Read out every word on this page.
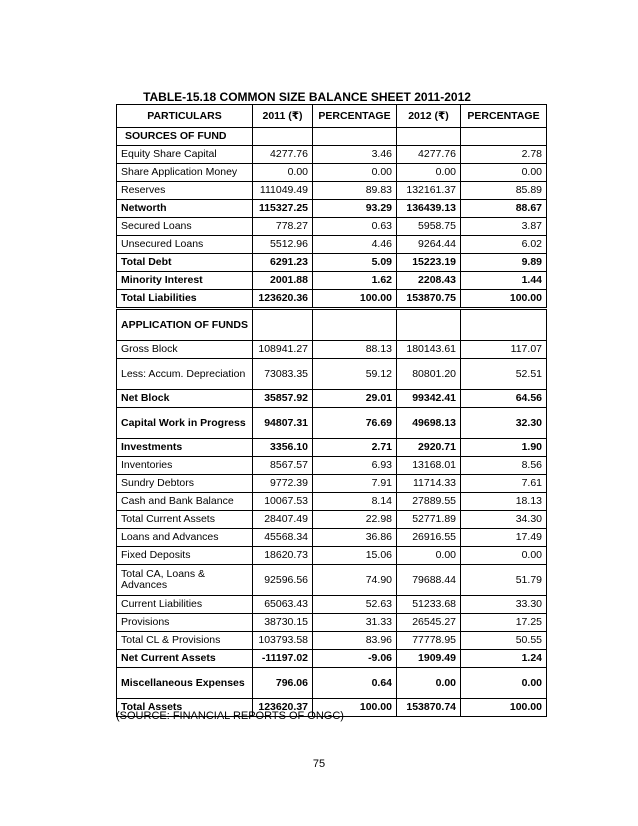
TABLE-15.18 COMMON SIZE BALANCE SHEET 2011-2012
PARTICULARS	2011 (₹)	PERCENTAGE	2012 (₹)	PERCENTAGE
SOURCES OF FUND				
Equity Share Capital	4277.76	3.46	4277.76	2.78
Share Application Money	0.00	0.00	0.00	0.00
Reserves	111049.49	89.83	132161.37	85.89
Networth	115327.25	93.29	136439.13	88.67
Secured Loans	778.27	0.63	5958.75	3.87
Unsecured Loans	5512.96	4.46	9264.44	6.02
Total Debt	6291.23	5.09	15223.19	9.89
Minority Interest	2001.88	1.62	2208.43	1.44
Total Liabilities	123620.36	100.00	153870.75	100.00
APPLICATION OF FUNDS				
Gross Block	108941.27	88.13	180143.61	117.07
Less: Accum. Depreciation	73083.35	59.12	80801.20	52.51
Net Block	35857.92	29.01	99342.41	64.56
Capital Work in Progress	94807.31	76.69	49698.13	32.30
Investments	3356.10	2.71	2920.71	1.90
Inventories	8567.57	6.93	13168.01	8.56
Sundry Debtors	9772.39	7.91	11714.33	7.61
Cash and Bank Balance	10067.53	8.14	27889.55	18.13
Total Current Assets	28407.49	22.98	52771.89	34.30
Loans and Advances	45568.34	36.86	26916.55	17.49
Fixed Deposits	18620.73	15.06	0.00	0.00
Total CA, Loans & Advances	92596.56	74.90	79688.44	51.79
Current Liabilities	65063.43	52.63	51233.68	33.30
Provisions	38730.15	31.33	26545.27	17.25
Total CL & Provisions	103793.58	83.96	77778.95	50.55
Net Current Assets	-11197.02	-9.06	1909.49	1.24
Miscellaneous Expenses	796.06	0.64	0.00	0.00
Total Assets	123620.37	100.00	153870.74	100.00
(SOURCE: FINANCIAL REPORTS OF ONGC)
75
